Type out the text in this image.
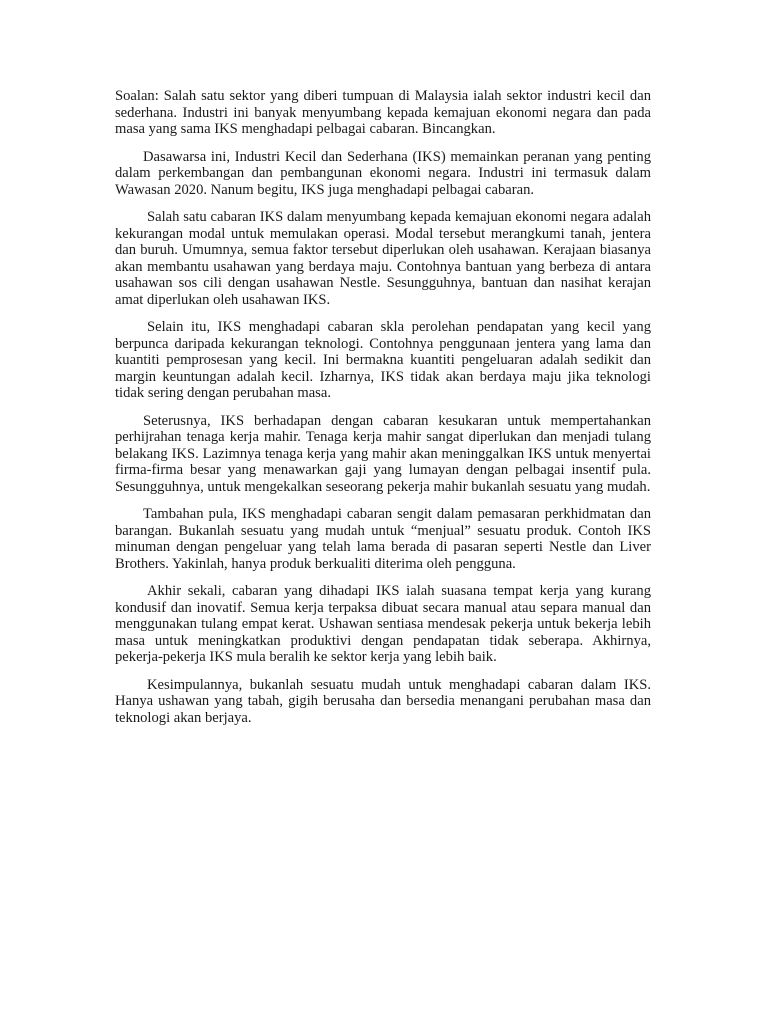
Soalan: Salah satu sektor yang diberi tumpuan di Malaysia ialah sektor industri kecil dan sederhana. Industri ini banyak menyumbang kepada kemajuan ekonomi negara dan pada masa yang sama IKS menghadapi pelbagai cabaran. Bincangkan.

Dasawarsa ini, Industri Kecil dan Sederhana (IKS) memainkan peranan yang penting dalam perkembangan dan pembangunan ekonomi negara. Industri ini termasuk dalam Wawasan 2020. Nanum begitu, IKS juga menghadapi pelbagai cabaran.

Salah satu cabaran IKS dalam menyumbang kepada kemajuan ekonomi negara adalah kekurangan modal untuk memulakan operasi. Modal tersebut merangkumi tanah, jentera dan buruh. Umumnya, semua faktor tersebut diperlukan oleh usahawan. Kerajaan biasanya akan membantu usahawan yang berdaya maju. Contohnya bantuan yang berbeza di antara usahawan sos cili dengan usahawan Nestle. Sesungguhnya, bantuan dan nasihat kerajan amat diperlukan oleh usahawan IKS.

Selain itu, IKS menghadapi cabaran skla perolehan pendapatan yang kecil yang berpunca daripada kekurangan teknologi. Contohnya penggunaan jentera yang lama dan kuantiti pemprosesan yang kecil. Ini bermakna kuantiti pengeluaran adalah sedikit dan margin keuntungan adalah kecil. Izharnya, IKS tidak akan berdaya maju jika teknologi tidak sering dengan perubahan masa.

Seterusnya, IKS berhadapan dengan cabaran kesukaran untuk mempertahankan perhijrahan tenaga kerja mahir. Tenaga kerja mahir sangat diperlukan dan menjadi tulang belakang IKS. Lazimnya tenaga kerja yang mahir akan meninggalkan IKS untuk menyertai firma-firma besar yang menawarkan gaji yang lumayan dengan pelbagai insentif pula. Sesungguhnya, untuk mengekalkan seseorang pekerja mahir bukanlah sesuatu yang mudah.

Tambahan pula, IKS menghadapi cabaran sengit dalam pemasaran perkhidmatan dan barangan. Bukanlah sesuatu yang mudah untuk “menjual” sesuatu produk. Contoh IKS minuman dengan pengeluar yang telah lama berada di pasaran seperti Nestle dan Liver Brothers. Yakinlah, hanya produk berkualiti diterima oleh pengguna.

Akhir sekali, cabaran yang dihadapi IKS ialah suasana tempat kerja yang kurang kondusif dan inovatif. Semua kerja terpaksa dibuat secara manual atau separa manual dan menggunakan tulang empat kerat. Ushawan sentiasa mendesak pekerja untuk bekerja lebih masa untuk meningkatkan produktivi dengan pendapatan tidak seberapa. Akhirnya, pekerja-pekerja IKS mula beralih ke sektor kerja yang lebih baik.

Kesimpulannya, bukanlah sesuatu mudah untuk menghadapi cabaran dalam IKS. Hanya ushawan yang tabah, gigih berusaha dan bersedia menangani perubahan masa dan teknologi akan berjaya.
